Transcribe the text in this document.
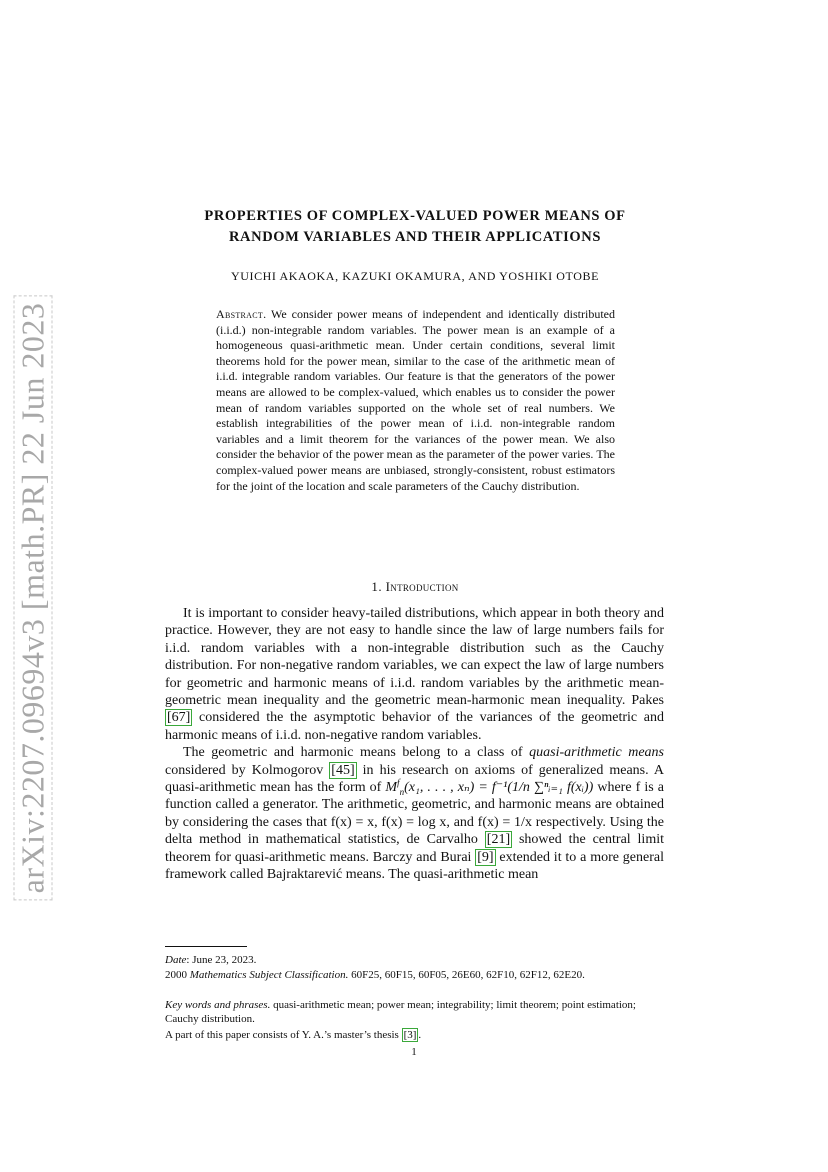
arXiv:2207.09694v3 [math.PR] 22 Jun 2023
PROPERTIES OF COMPLEX-VALUED POWER MEANS OF
RANDOM VARIABLES AND THEIR APPLICATIONS
YUICHI AKAOKA, KAZUKI OKAMURA, AND YOSHIKI OTOBE

Abstract. We consider power means of independent and identically distributed (i.i.d.) non-integrable random variables. The power mean is an example of a homogeneous quasi-arithmetic mean. Under certain conditions, several limit theorems hold for the power mean, similar to the case of the arithmetic mean of i.i.d. integrable random variables. Our feature is that the generators of the power means are allowed to be complex-valued, which enables us to consider the power mean of random variables supported on the whole set of real numbers. We establish integrabilities of the power mean of i.i.d. non-integrable random variables and a limit theorem for the variances of the power mean. We also consider the behavior of the power mean as the parameter of the power varies. The complex-valued power means are unbiased, strongly-consistent, robust estimators for the joint of the location and scale parameters of the Cauchy distribution.

1. Introduction

It is important to consider heavy-tailed distributions, which appear in both theory and practice. However, they are not easy to handle since the law of large numbers fails for i.i.d. random variables with a non-integrable distribution such as the Cauchy distribution. For non-negative random variables, we can expect the law of large numbers for geometric and harmonic means of i.i.d. random variables by the arithmetic mean-geometric mean inequality and the geometric mean-harmonic mean inequality. Pakes [67] considered the the asymptotic behavior of the variances of the geometric and harmonic means of i.i.d. non-negative random variables.

The geometric and harmonic means belong to a class of quasi-arithmetic means considered by Kolmogorov [45] in his research on axioms of generalized means. A quasi-arithmetic mean has the form of $M^f_n(x_1$, . . . , xₙ) = f⁻¹(1/n ∑ⁿᵢ₌₁ f(xᵢ)) where f is a function called a generator. The arithmetic, geometric, and harmonic means are obtained by considering the cases that f(x) = x, f(x) = log x, and f(x) = 1/x respectively. Using the delta method in mathematical statistics, de Carvalho [21] showed the central limit theorem for quasi-arithmetic means. Barczy and Burai [9] extended it to a more general framework called Bajraktarević means. The quasi-arithmetic mean

Date: June 23, 2023.

2000 Mathematics Subject Classification. 60F25, 60F15, 60F05, 26E60, 62F10, 62F12, 62E20.

Key words and phrases. quasi-arithmetic mean; power mean; integrability; limit theorem; point estimation; Cauchy distribution.

A part of this paper consists of Y. A.’s master’s thesis [3] .

1
